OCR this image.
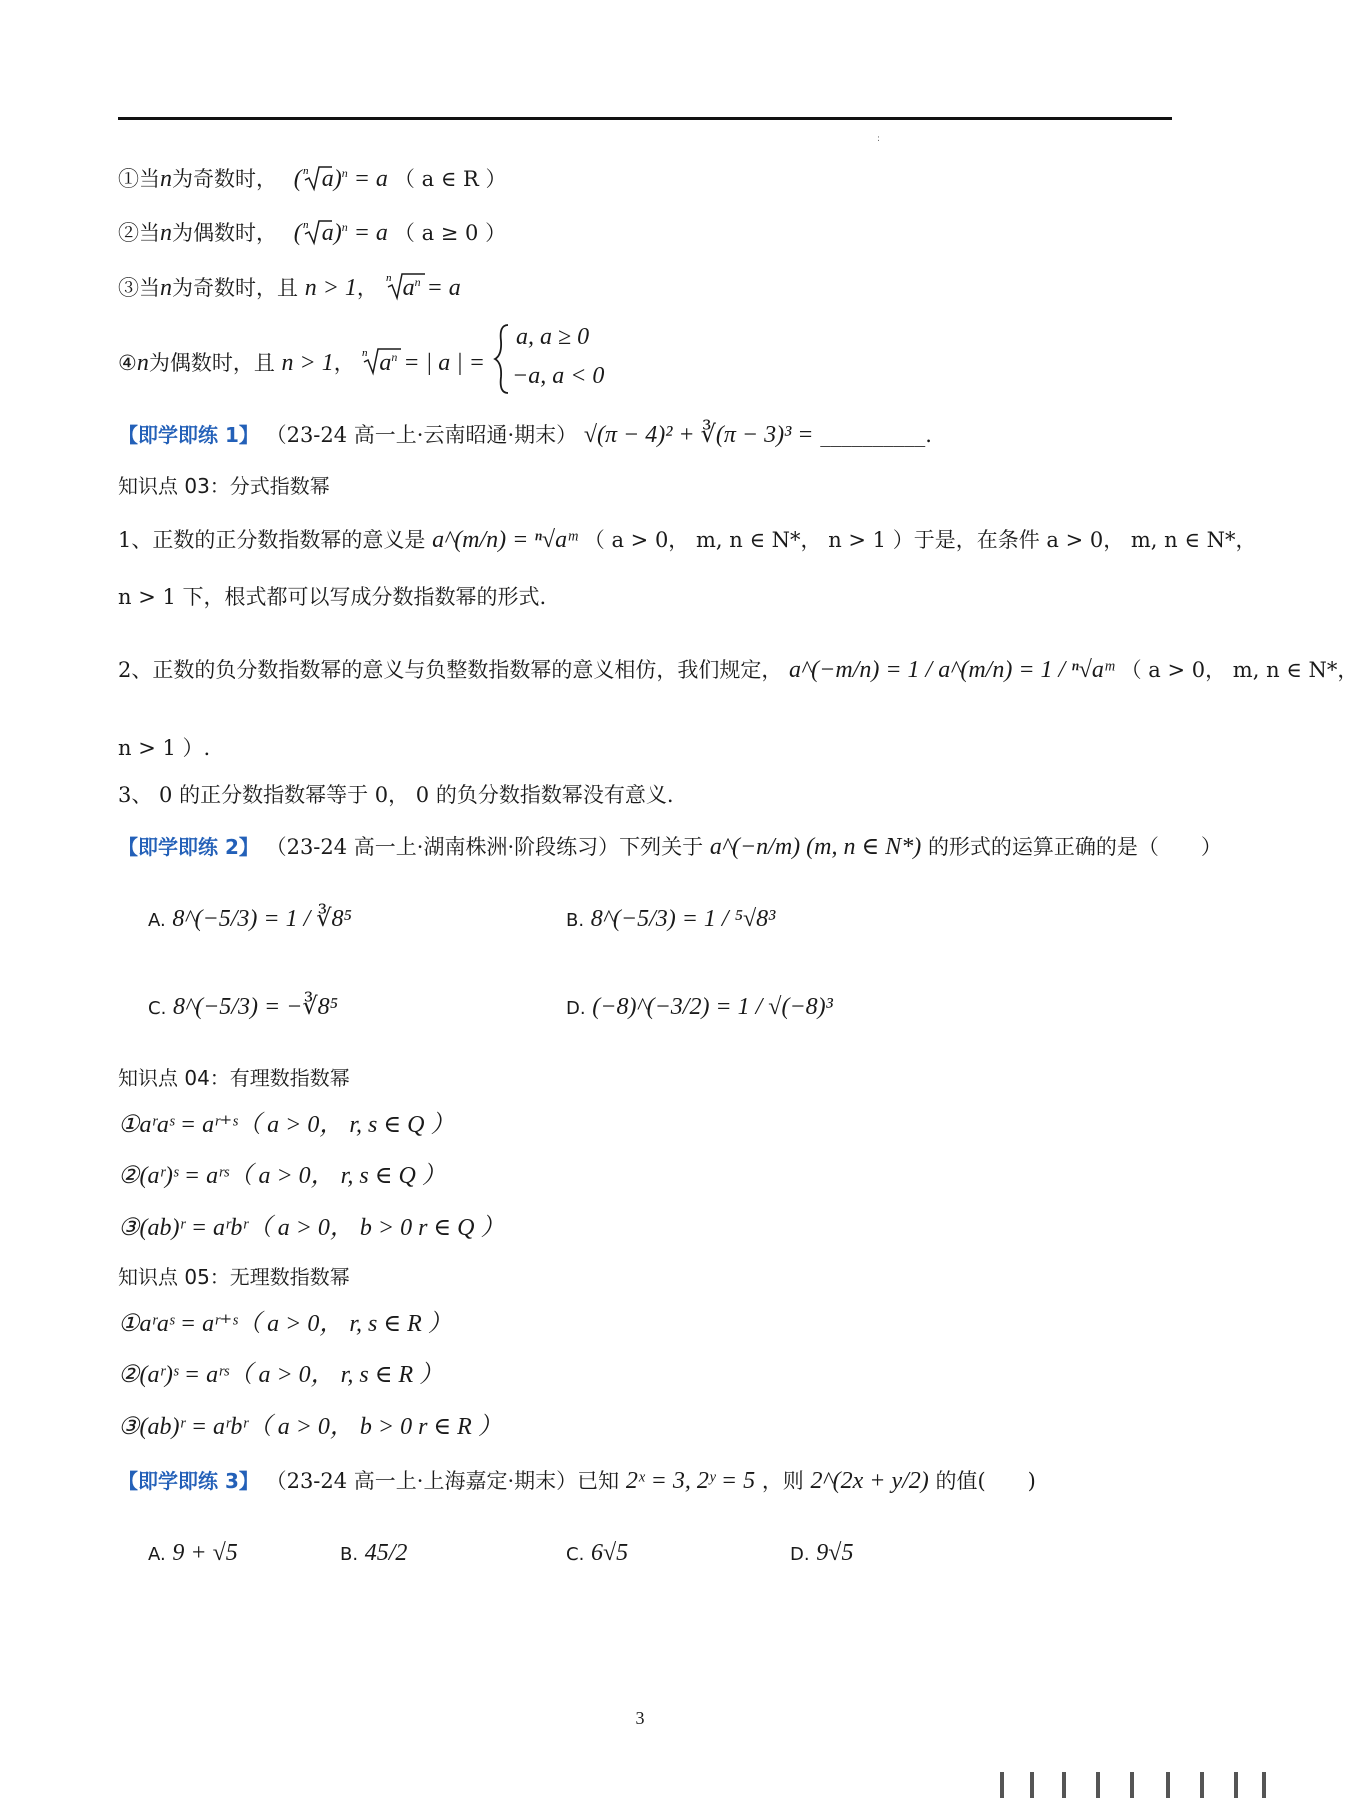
:
①当n为奇数时， ( n a)$^n$ = a （ a ∈ R ）
②当n为偶数时， ( n a)$^n$ = a （ a ≥ 0 ）
③当n为奇数时，且 n > 1， n $a^n = a$
④n为偶数时，且 n > 1， n $a^n$ = | a | =
a, a ≥ 0
−a, a < 0
【即学即练 1】 （23-24 高一上·云南昭通·期末） √(π − 4)² + ∛(π − 3)³ = __________.
知识点 03：分式指数幂
1、正数的正分数指数幂的意义是 a^(m/n) = ⁿ√aᵐ （ a > 0， m, n ∈ N*， n > 1 ）于是，在条件 a > 0， m, n ∈ N*，
n > 1 下，根式都可以写成分数指数幂的形式.
2、正数的负分数指数幂的意义与负整数指数幂的意义相仿，我们规定， a^(−m/n) = 1 / a^(m/n) = 1 / ⁿ√aᵐ （ a > 0， m, n ∈ N*，
n > 1 ）.
3、 0 的正分数指数幂等于 0， 0 的负分数指数幂没有意义.
【即学即练 2】 （23-24 高一上·湖南株洲·阶段练习）下列关于 a^(−n/m) (m, n ∈ N*) 的形式的运算正确的是（　　）
A. 8^(−5/3) = 1 / ∛8⁵	B. 8^(−5/3) = 1 / ⁵√8³
C. 8^(−5/3) = −∛8⁵	D. (−8)^(−3/2) = 1 / √(−8)³
知识点 04：有理数指数幂
①aʳaˢ = aʳ⁺ˢ（ a > 0， r, s ∈ Q ）
②(aʳ)ˢ = aʳˢ（ a > 0， r, s ∈ Q ）
③(ab)ʳ = aʳbʳ（ a > 0， b > 0 r ∈ Q ）
知识点 05：无理数指数幂
①aʳaˢ = aʳ⁺ˢ（ a > 0， r, s ∈ R ）
②(aʳ)ˢ = aʳˢ（ a > 0， r, s ∈ R ）
③(ab)ʳ = aʳbʳ（ a > 0， b > 0 r ∈ R ）
【即学即练 3】 （23-24 高一上·上海嘉定·期末）已知 2ˣ = 3, 2ʸ = 5 ，则 2^(2x + y/2) 的值(　　)
A. 9 + √5	B. 45/2	C. 6√5	D. 9√5
3
